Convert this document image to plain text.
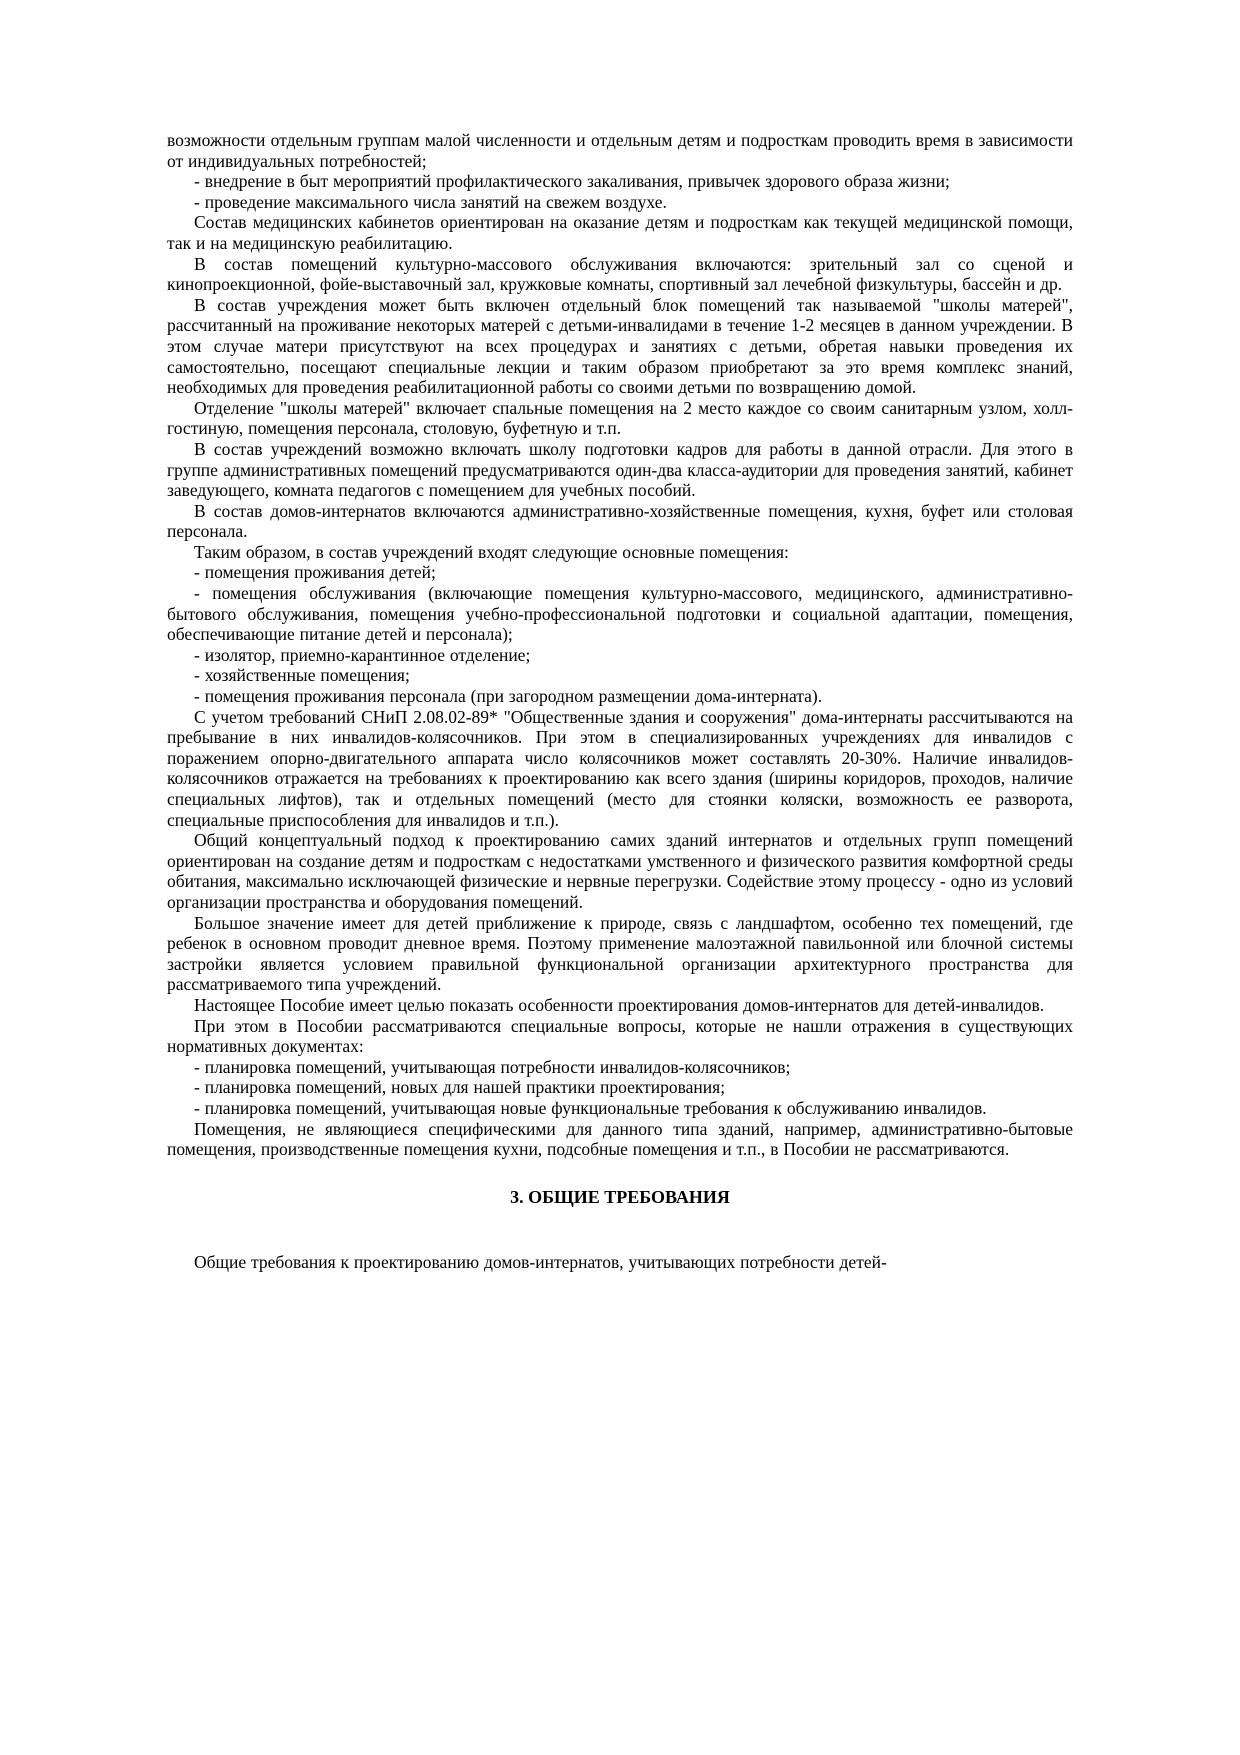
возможности отдельным группам малой численности и отдельным детям и подросткам проводить время в зависимости от индивидуальных потребностей;

- внедрение в быт мероприятий профилактического закаливания, привычек здорового образа жизни;

- проведение максимального числа занятий на свежем воздухе.

Состав медицинских кабинетов ориентирован на оказание детям и подросткам как текущей медицинской помощи, так и на медицинскую реабилитацию.

В состав помещений культурно-массового обслуживания включаются: зрительный зал со сценой и кинопроекционной, фойе-выставочный зал, кружковые комнаты, спортивный зал лечебной физкультуры, бассейн и др.

В состав учреждения может быть включен отдельный блок помещений так называемой "школы матерей", рассчитанный на проживание некоторых матерей с детьми-инвалидами в течение 1-2 месяцев в данном учреждении. В этом случае матери присутствуют на всех процедурах и занятиях с детьми, обретая навыки проведения их самостоятельно, посещают специальные лекции и таким образом приобретают за это время комплекс знаний, необходимых для проведения реабилитационной работы со своими детьми по возвращению домой.

Отделение "школы матерей" включает спальные помещения на 2 место каждое со своим санитарным узлом, холл-гостиную, помещения персонала, столовую, буфетную и т.п.

В состав учреждений возможно включать школу подготовки кадров для работы в данной отрасли. Для этого в группе административных помещений предусматриваются один-два класса-аудитории для проведения занятий, кабинет заведующего, комната педагогов с помещением для учебных пособий.

В состав домов-интернатов включаются административно-хозяйственные помещения, кухня, буфет или столовая персонала.

Таким образом, в состав учреждений входят следующие основные помещения:

- помещения проживания детей;

- помещения обслуживания (включающие помещения культурно-массового, медицинского, административно-бытового обслуживания, помещения учебно-профессиональной подготовки и социальной адаптации, помещения, обеспечивающие питание детей и персонала);

- изолятор, приемно-карантинное отделение;

- хозяйственные помещения;

- помещения проживания персонала (при загородном размещении дома-интерната).

С учетом требований СНиП 2.08.02-89* "Общественные здания и сооружения" дома-интернаты рассчитываются на пребывание в них инвалидов-колясочников. При этом в специализированных учреждениях для инвалидов с поражением опорно-двигательного аппарата число колясочников может составлять 20-30%. Наличие инвалидов-колясочников отражается на требованиях к проектированию как всего здания (ширины коридоров, проходов, наличие специальных лифтов), так и отдельных помещений (место для стоянки коляски, возможность ее разворота, специальные приспособления для инвалидов и т.п.).

Общий концептуальный подход к проектированию самих зданий интернатов и отдельных групп помещений ориентирован на создание детям и подросткам с недостатками умственного и физического развития комфортной среды обитания, максимально исключающей физические и нервные перегрузки. Содействие этому процессу - одно из условий организации пространства и оборудования помещений.

Большое значение имеет для детей приближение к природе, связь с ландшафтом, особенно тех помещений, где ребенок в основном проводит дневное время. Поэтому применение малоэтажной павильонной или блочной системы застройки является условием правильной функциональной организации архитектурного пространства для рассматриваемого типа учреждений.

Настоящее Пособие имеет целью показать особенности проектирования домов-интернатов для детей-инвалидов.

При этом в Пособии рассматриваются специальные вопросы, которые не нашли отражения в существующих нормативных документах:

- планировка помещений, учитывающая потребности инвалидов-колясочников;

- планировка помещений, новых для нашей практики проектирования;

- планировка помещений, учитывающая новые функциональные требования к обслуживанию инвалидов.

Помещения, не являющиеся специфическими для данного типа зданий, например, административно-бытовые помещения, производственные помещения кухни, подсобные помещения и т.п., в Пособии не рассматриваются.

3. ОБЩИЕ ТРЕБОВАНИЯ

Общие требования к проектированию домов-интернатов, учитывающих потребности детей-
